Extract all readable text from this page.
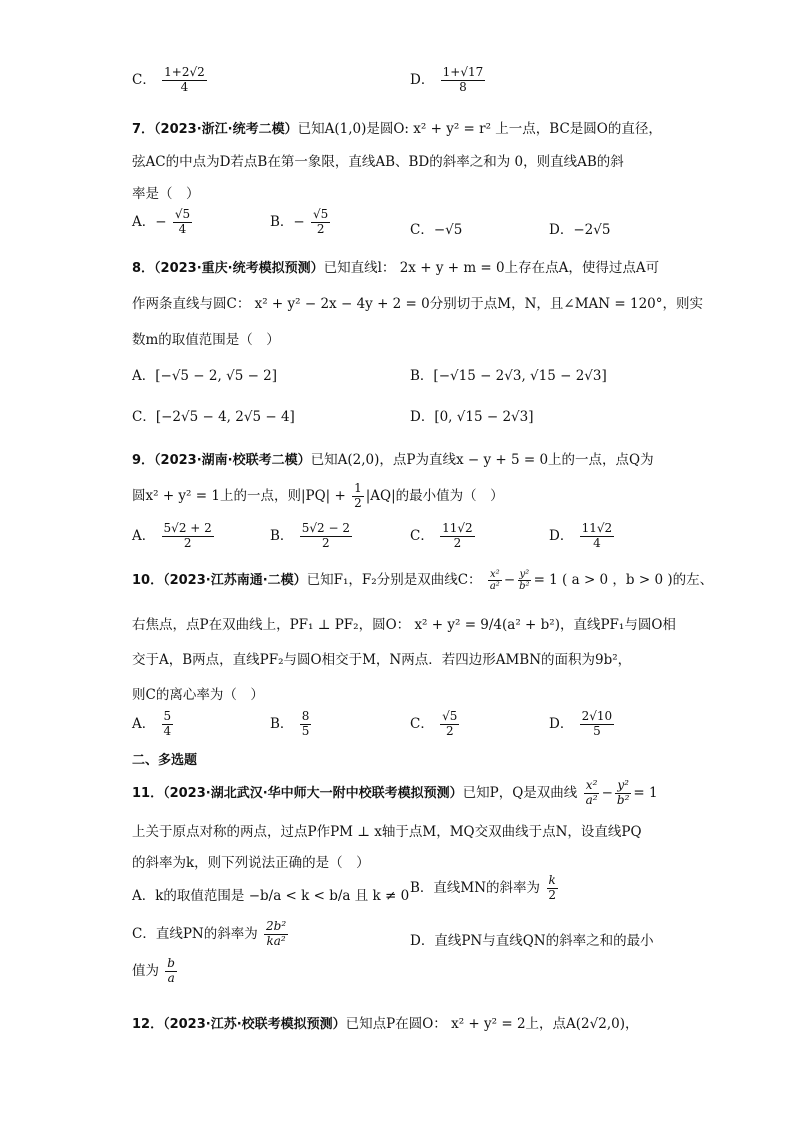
C． $\frac{1+2√2}{4}$	D． $\frac{1+√17}{8}$
7．（2023·浙江·统考二模）已知A(1,0)是圆O: x² + y² = r² 上一点，BC是圆O的直径，
弦AC的中点为D若点B在第一象限，直线AB、BD的斜率之和为 0，则直线AB的斜
率是（　）
A．− $\frac{√5}{4}$	B．− $\frac{√5}{2}$	C．−√5	D．−2√5
8．（2023·重庆·统考模拟预测）已知直线l： 2x + y + m = 0上存在点A，使得过点A可
作两条直线与圆C： x² + y² − 2x − 4y + 2 = 0分别切于点M，N，且∠MAN = 120°，则实
数m的取值范围是（　）
A．[−√5 − 2, √5 − 2]	B．[−√15 − 2√3, √15 − 2√3]
C．[−2√5 − 4, 2√5 − 4]	D．[0, √15 − 2√3]
9．（2023·湖南·校联考二模）已知A(2,0)，点P为直线x − y + 5 = 0上的一点，点Q为
圆x² + y² = 1上的一点，则$|PQ| + \frac{1}{2} |AQ|$的最小值为（　）
A． $\frac{5√2 + 2}{2}$	B． $\frac{5√2 - 2}{2}$	C． $\frac{11√2}{2}$	D． $\frac{11√2}{4}$
10．（2023·江苏南通·二模）已知F₁，F₂分别是双曲线C： $\frac{\text{x²}}{\text{a²}} - \frac{\text{y²}}{\text{b²}} = 1$ ( a > 0 ，b > 0 )的左、
右焦点，点P在双曲线上，PF₁ ⊥ PF₂，圆O： x² + y² = 9/4(a² + b²)，直线PF₁与圆O相
交于A，B两点，直线PF₂与圆O相交于M，N两点．若四边形AMBN的面积为9b²，
则C的离心率为（　）
A． $\frac{5}{4}$	B． $\frac{8}{5}$	C． $\frac{√5}{2}$	D． $\frac{2√10}{5}$
二、多选题
11．（2023·湖北武汉·华中师大一附中校联考模拟预测）已知P，Q是双曲线 $\frac{\text{x²}}{\text{a²}} - \frac{\text{y²}}{\text{b²}} = 1$
上关于原点对称的两点，过点P作PM ⊥ x轴于点M，MQ交双曲线于点N，设直线PQ
的斜率为k，则下列说法正确的是（　）
A．k的取值范围是 −b/a < k < b/a 且 k ≠ 0
B．直线MN的斜率为 $\frac{k}{2}$
C．直线PN的斜率为 $\frac{\text{2b²}}{\text{ka²}}$	D．直线PN与直线QN的斜率之和的最小
值为 $\frac{b}{a}$
12．（2023·江苏·校联考模拟预测）已知点P在圆O： x² + y² = 2上，点A(2√2,0)，
